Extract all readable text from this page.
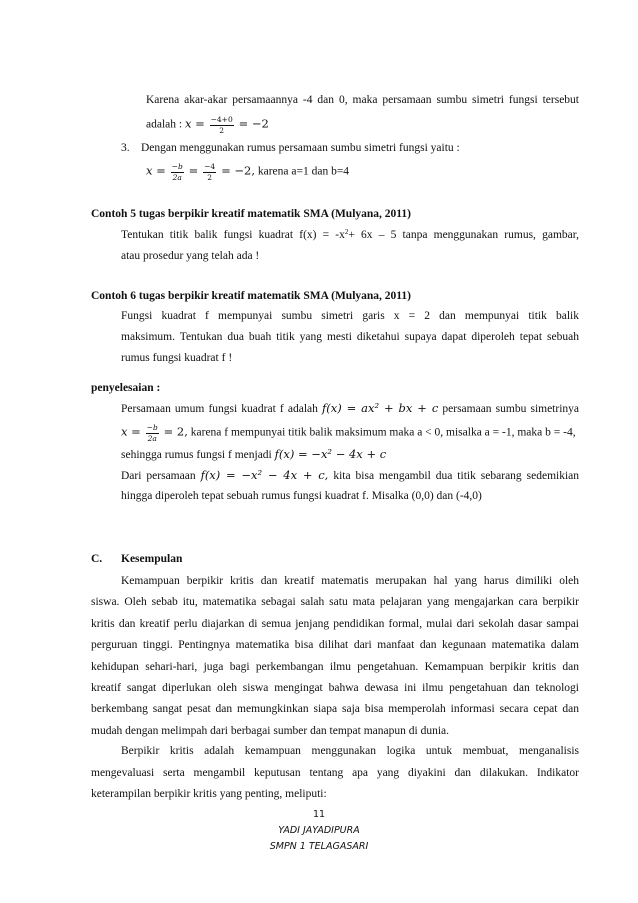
Karena akar-akar persamaannya -4 dan 0, maka persamaan sumbu simetri fungsi tersebut
adalah : $x = \frac{-4+0}{2} = -2$
3. Dengan menggunakan rumus persamaan sumbu simetri fungsi yaitu :
$x = \frac{-b}{2a} = \frac{-4}{2} = -2$, karena a=1 dan b=4
Contoh 5 tugas berpikir kreatif matematik SMA (Mulyana, 2011)
Tentukan titik balik fungsi kuadrat $f(x) = -x^2+ 6x - 5$ tanpa menggunakan rumus, gambar,
atau prosedur yang telah ada !
Contoh 6 tugas berpikir kreatif matematik SMA (Mulyana, 2011)
Fungsi kuadrat f mempunyai sumbu simetri garis x = 2 dan mempunyai titik balik
maksimum. Tentukan dua buah titik yang mesti diketahui supaya dapat diperoleh tepat sebuah
rumus fungsi kuadrat f !
penyelesaian :
Persamaan umum fungsi kuadrat f adalah f(x) = ax² + bx + c persamaan sumbu simetrinya
$x = \frac{-b}{2a} = 2$, karena f mempunyai titik balik maksimum maka a < 0, misalka a = -1, maka b = -4,
sehingga rumus fungsi f menjadi f(x) = −x² − 4x + c
Dari persamaan f(x) = −x² − 4x + c, kita bisa mengambil dua titik sebarang sedemikian
hingga diperoleh tepat sebuah rumus fungsi kuadrat f. Misalka (0,0) dan (-4,0)
C. Kesempulan
Kemampuan berpikir kritis dan kreatif matematis merupakan hal yang harus dimiliki oleh
siswa. Oleh sebab itu, matematika sebagai salah satu mata pelajaran yang mengajarkan cara berpikir
kritis dan kreatif perlu diajarkan di semua jenjang pendidikan formal, mulai dari sekolah dasar sampai
perguruan tinggi. Pentingnya matematika bisa dilihat dari manfaat dan kegunaan matematika dalam
kehidupan sehari-hari, juga bagi perkembangan ilmu pengetahuan. Kemampuan berpikir kritis dan
kreatif sangat diperlukan oleh siswa mengingat bahwa dewasa ini ilmu pengetahuan dan teknologi
berkembang sangat pesat dan memungkinkan siapa saja bisa memperolah informasi secara cepat dan
mudah dengan melimpah dari berbagai sumber dan tempat manapun di dunia.
Berpikir kritis adalah kemampuan menggunakan logika untuk membuat, menganalisis
mengevaluasi serta mengambil keputusan tentang apa yang diyakini dan dilakukan. Indikator
keterampilan berpikir kritis yang penting, meliputi:
11
YADI JAYADIPURA
SMPN 1 TELAGASARI
